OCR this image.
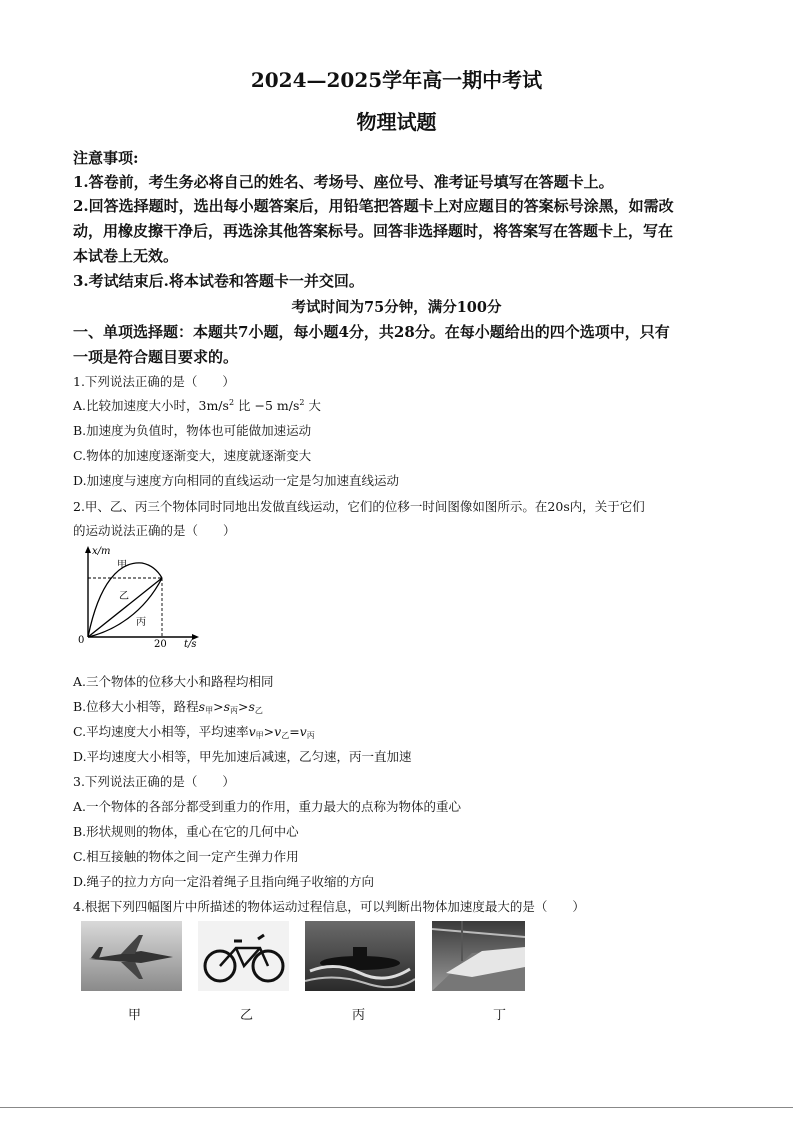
2024—2025学年高一期中考试
物理试题
注意事项:
1.答卷前，考生务必将自己的姓名、考场号、座位号、准考证号填写在答题卡上。
2.回答选择题时，选出每小题答案后，用铅笔把答题卡上对应题目的答案标号涂黑，如需改
动，用橡皮擦干净后，再选涂其他答案标号。回答非选择题时，将答案写在答题卡上，写在
本试卷上无效。
3.考试结束后.将本试卷和答题卡一并交回。
考试时间为75分钟，满分100分
一、单项选择题：本题共7小题，每小题4分，共28分。在每小题给出的四个选项中，只有
一项是符合题目要求的。
1.下列说法正确的是（　　）
A.比较加速度大小时，$3m/s^2$ 比 −5 $m/s^2$ 大
B.加速度为负值时，物体也可能做加速运动
C.物体的加速度逐渐变大，速度就逐渐变大
D.加速度与速度方向相同的直线运动一定是匀加速直线运动
2.甲、乙、丙三个物体同时同地出发做直线运动，它们的位移一时间图像如图所示。在20s内，关于它们
的运动说法正确的是（　　）
x/m
t/s
0	20
甲
乙
丙
A.三个物体的位移大小和路程均相同
B.位移大小相等，路程$s_甲>s_丙>s_乙$
C.平均速度大小相等，平均速率$v_甲>v_乙=v_丙$
D.平均速度大小相等，甲先加速后减速，乙匀速，丙一直加速
3.下列说法正确的是（　　）
A.一个物体的各部分都受到重力的作用，重力最大的点称为物体的重心
B.形状规则的物体，重心在它的几何中心
C.相互接触的物体之间一定产生弹力作用
D.绳子的拉力方向一定沿着绳子且指向绳子收缩的方向
4.根据下列四幅图片中所描述的物体运动过程信息，可以判断出物体加速度最大的是（　　）
甲	乙	丙	丁
